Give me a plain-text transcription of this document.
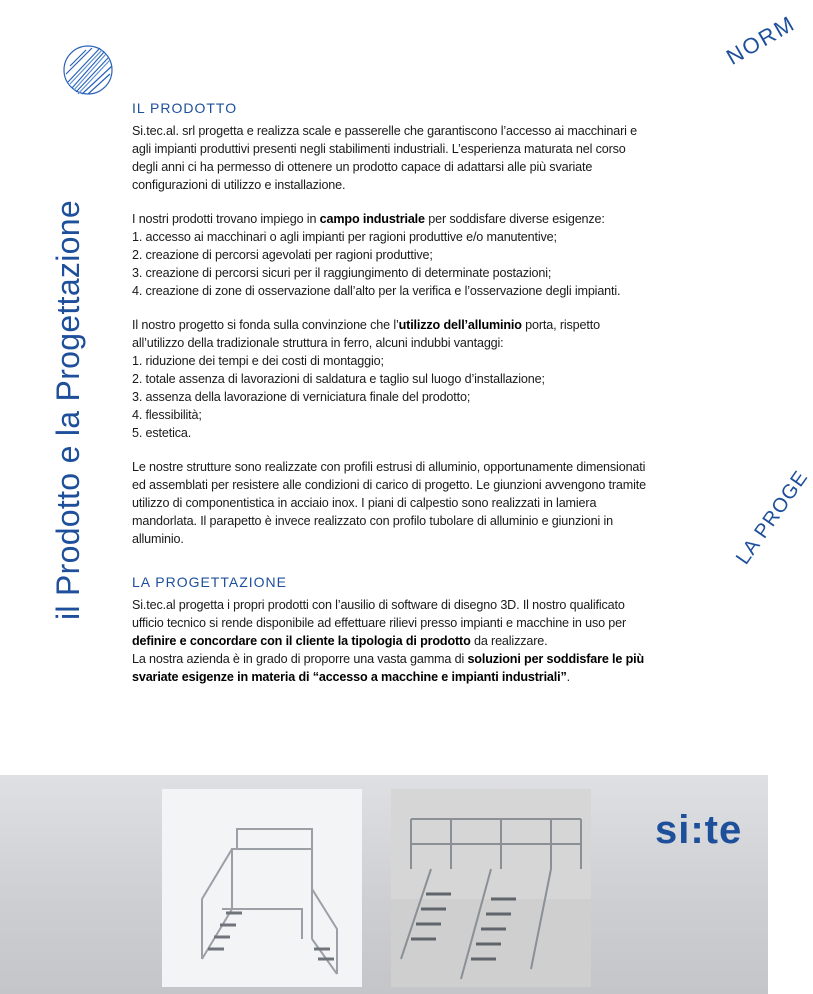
il Prodotto e la Progettazione
NORM
LA PROGE
IL PRODOTTO

Si.tec.al. srl progetta e realizza scale e passerelle che garantiscono l’accesso ai macchinari e agli impianti produttivi presenti negli stabilimenti industriali. L’esperienza maturata nel corso degli anni ci ha permesso di ottenere un prodotto capace di adattarsi alle più svariate configurazioni di utilizzo e installazione.

I nostri prodotti trovano impiego in campo industriale per soddisfare diverse esigenze:

1. accesso ai macchinari o agli impianti per ragioni produttive e/o manutentive;

2. creazione di percorsi agevolati per ragioni produttive;

3. creazione di percorsi sicuri per il raggiungimento di determinate postazioni;

4. creazione di zone di osservazione dall’alto per la verifica e l’osservazione degli impianti.

Il nostro progetto si fonda sulla convinzione che l’utilizzo dell’alluminio porta, rispetto all’utilizzo della tradizionale struttura in ferro, alcuni indubbi vantaggi:

1. riduzione dei tempi e dei costi di montaggio;

2. totale assenza di lavorazioni di saldatura e taglio sul luogo d’installazione;

3. assenza della lavorazione di verniciatura finale del prodotto;

4. flessibilità;

5. estetica.

Le nostre strutture sono realizzate con profili estrusi di alluminio, opportunamente dimensionati ed assemblati per resistere alle condizioni di carico di progetto. Le giunzioni avvengono tramite utilizzo di componentistica in acciaio inox. I piani di calpestio sono realizzati in lamiera mandorlata. Il parapetto è invece realizzato con profilo tubolare di alluminio e giunzioni in alluminio.

LA PROGETTAZIONE

Si.tec.al progetta i propri prodotti con l’ausilio di software di disegno 3D. Il nostro qualificato ufficio tecnico si rende disponibile ad effettuare rilievi presso impianti e macchine in uso per definire e concordare con il cliente la tipologia di prodotto da realizzare.

La nostra azienda è in grado di proporre una vasta gamma di soluzioni per soddisfare le più svariate esigenze in materia di “accesso a macchine e impianti industriali”.

si:te
